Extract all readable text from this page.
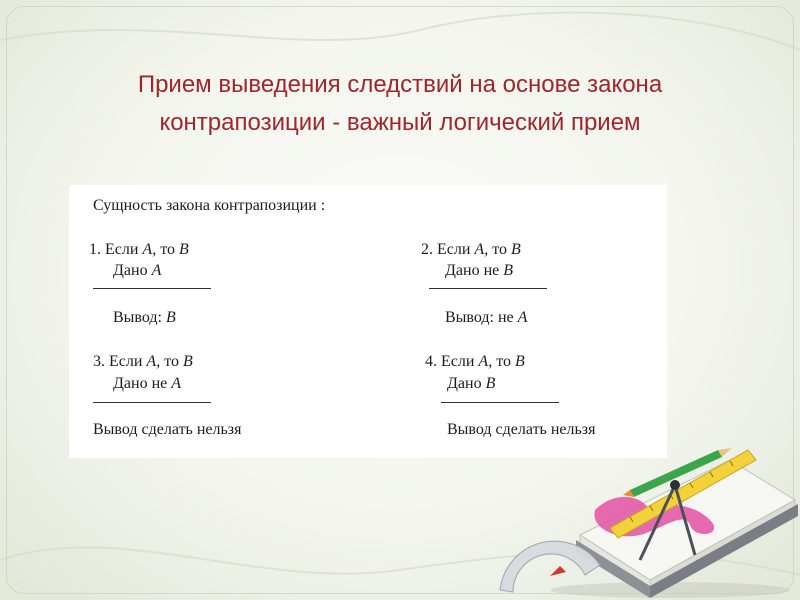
Прием выведения следствий на основе закона
контрапозиции - важный логический прием
Сущность закона контрапозиции :
1. Если A, то B
Дано A
Вывод: B
2. Если A, то B
Дано не B
Вывод: не A
3. Если A, то B
Дано не A
Вывод сделать нельзя
4. Если A, то B
Дано B
Вывод сделать нельзя
